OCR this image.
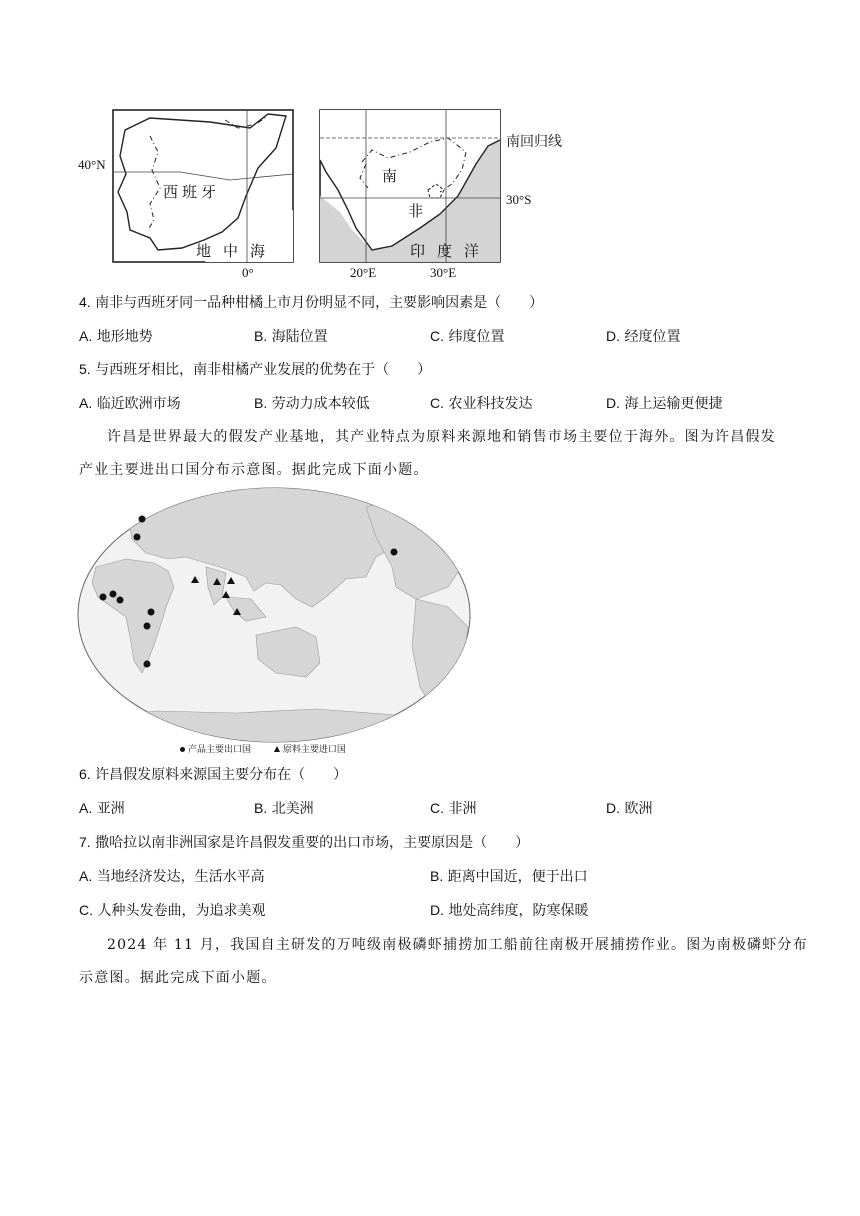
西班牙
地中海
40°N
0°
南回归线
30°S
南
非
印度洋
20°E	30°E
4. 南非与西班牙同一品种柑橘上市月份明显不同，主要影响因素是（　　）
A. 地形地势	B. 海陆位置	C. 纬度位置	D. 经度位置
5. 与西班牙相比，南非柑橘产业发展的优势在于（　　）
A. 临近欧洲市场	B. 劳动力成本较低	C. 农业科技发达	D. 海上运输更便捷
许昌是世界最大的假发产业基地，其产业特点为原料来源地和销售市场主要位于海外。图为许昌假发
产业主要进出口国分布示意图。据此完成下面小题。
产品主要出口国	原料主要进口国
6. 许昌假发原料来源国主要分布在（　　）
A. 亚洲	B. 北美洲	C. 非洲	D. 欧洲
7. 撒哈拉以南非洲国家是许昌假发重要的出口市场，主要原因是（　　）
A. 当地经济发达，生活水平高	B. 距离中国近，便于出口
C. 人种头发卷曲，为追求美观	D. 地处高纬度，防寒保暖
2024 年 11 月，我国自主研发的万吨级南极磷虾捕捞加工船前往南极开展捕捞作业。图为南极磷虾分布
示意图。据此完成下面小题。
